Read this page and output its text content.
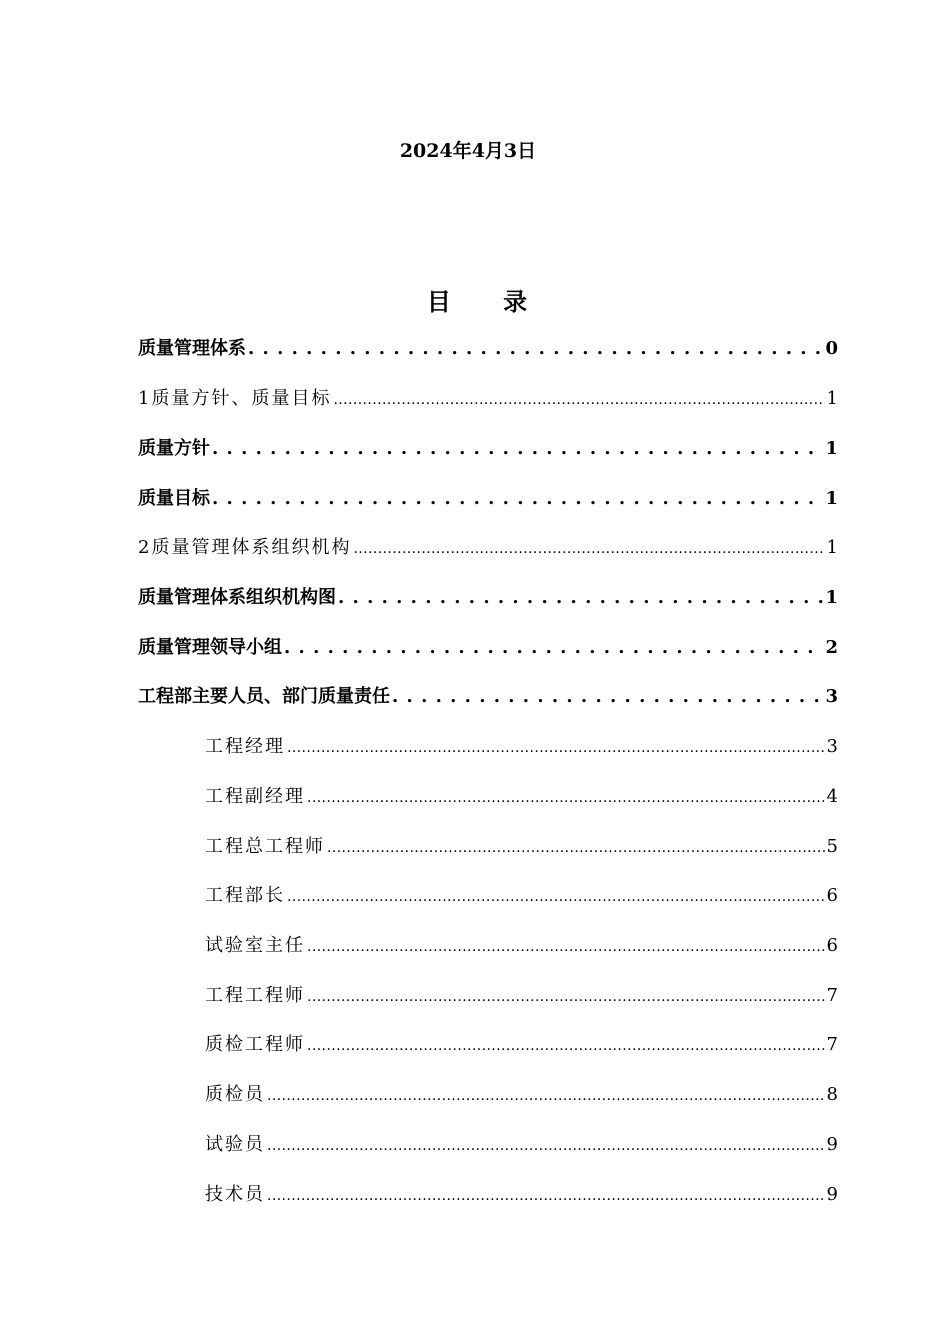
2024年4月3日
目 录
质量管理体系 . . .	0
1质量方针、质量目标 .....	1
质量方针 . . .	1
质量目标 . . .	1
2质量管理体系组织机构 .....	1
质量管理体系组织机构图 . . .	1
质量管理领导小组 . . .	2
工程部主要人员、部门质量责任 . . .	3
工程经理 .....	3
工程副经理 .....	4
工程总工程师 .....	5
工程部长 .....	6
试验室主任 .....	6
工程工程师 .....	7
质检工程师 .....	7
质检员 .....	8
试验员 .....	9
技术员 .....	9
